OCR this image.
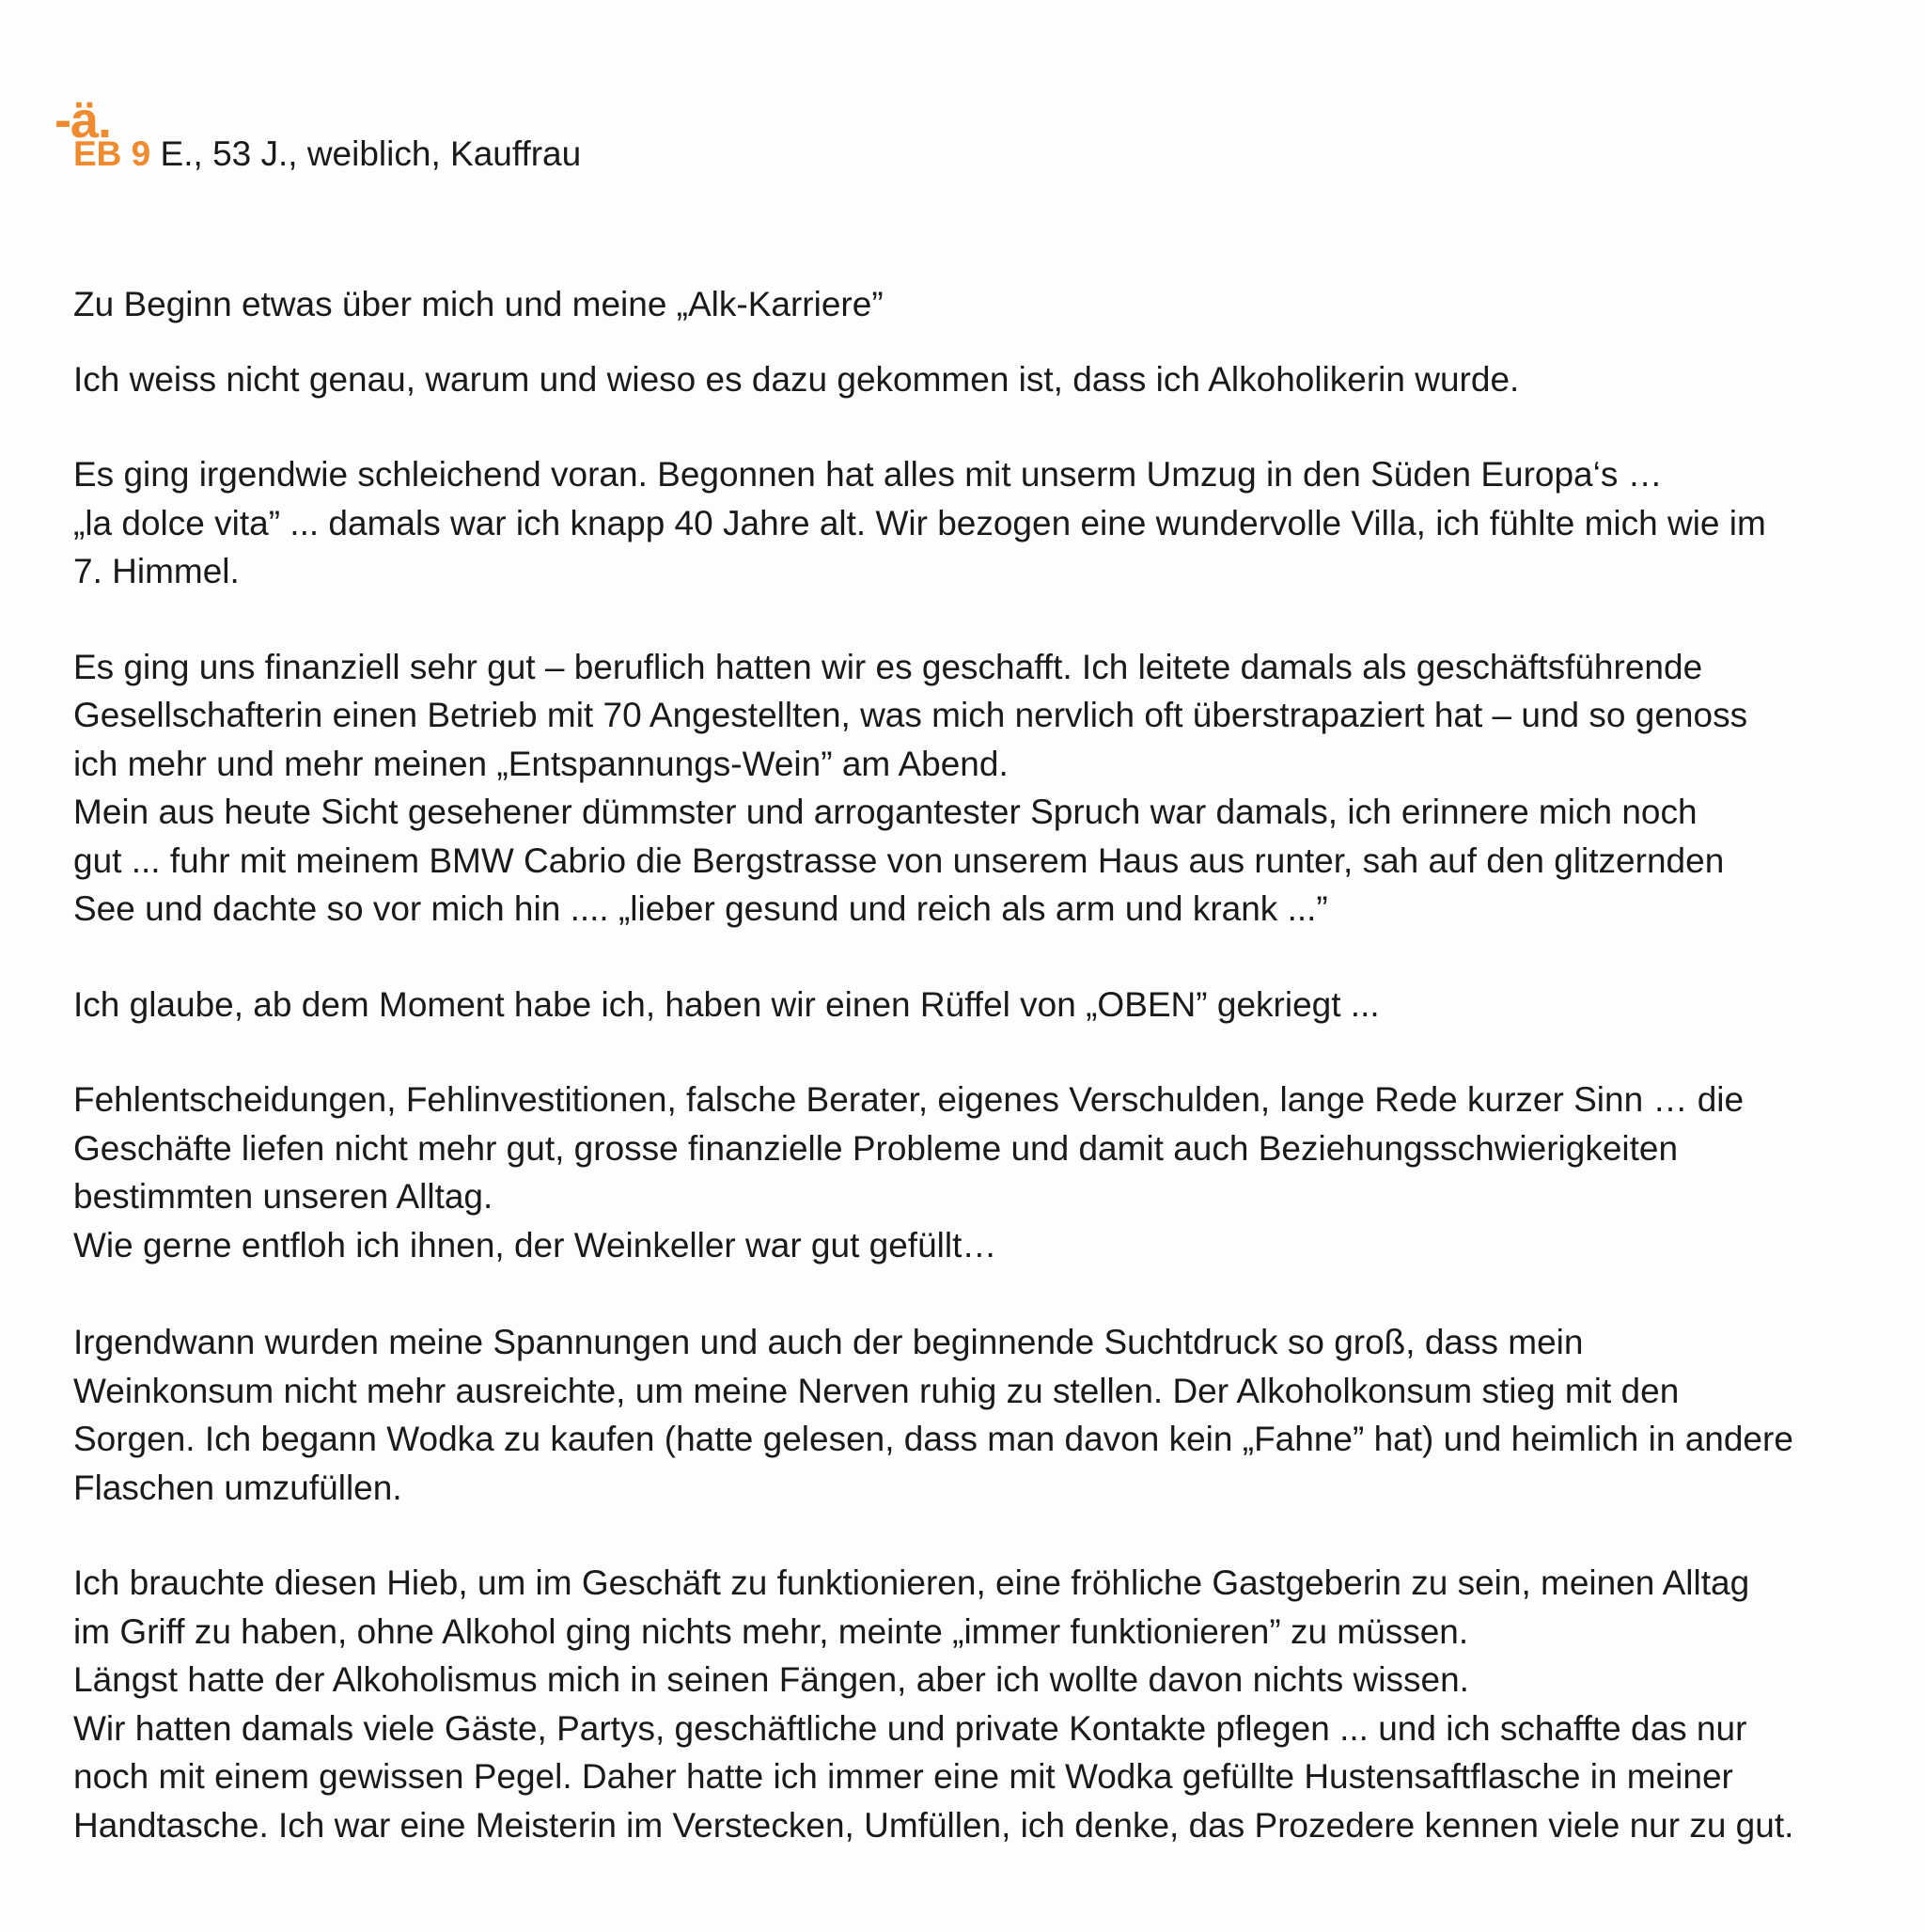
-ä.
EB 9 E., 53 J., weiblich, Kauffrau

Zu Beginn etwas über mich und meine „Alk-Karriere”

Ich weiss nicht genau, warum und wieso es dazu gekommen ist, dass ich Alkoholikerin wurde.

Es ging irgendwie schleichend voran. Begonnen hat alles mit unserm Umzug in den Süden Europa‘s …

„la dolce vita” ... damals war ich knapp 40 Jahre alt. Wir bezogen eine wundervolle Villa, ich fühlte mich wie im

7. Himmel.

Es ging uns finanziell sehr gut – beruflich hatten wir es geschafft. Ich leitete damals als geschäftsführende

Gesellschafterin einen Betrieb mit 70 Angestellten, was mich nervlich oft überstrapaziert hat – und so genoss

ich mehr und mehr meinen „Entspannungs-Wein” am Abend.

Mein aus heute Sicht gesehener dümmster und arrogantester Spruch war damals, ich erinnere mich noch

gut ... fuhr mit meinem BMW Cabrio die Bergstrasse von unserem Haus aus runter, sah auf den glitzernden

See und dachte so vor mich hin .... „lieber gesund und reich als arm und krank ...”

Ich glaube, ab dem Moment habe ich, haben wir einen Rüffel von „OBEN” gekriegt ...

Fehlentscheidungen, Fehlinvestitionen, falsche Berater, eigenes Verschulden, lange Rede kurzer Sinn … die

Geschäfte liefen nicht mehr gut, grosse finanzielle Probleme und damit auch Beziehungsschwierigkeiten

bestimmten unseren Alltag.

Wie gerne entfloh ich ihnen, der Weinkeller war gut gefüllt…

Irgendwann wurden meine Spannungen und auch der beginnende Suchtdruck so groß, dass mein

Weinkonsum nicht mehr ausreichte, um meine Nerven ruhig zu stellen. Der Alkoholkonsum stieg mit den

Sorgen. Ich begann Wodka zu kaufen (hatte gelesen, dass man davon kein „Fahne” hat) und heimlich in andere

Flaschen umzufüllen.

Ich brauchte diesen Hieb, um im Geschäft zu funktionieren, eine fröhliche Gastgeberin zu sein, meinen Alltag

im Griff zu haben, ohne Alkohol ging nichts mehr, meinte „immer funktionieren” zu müssen.

Längst hatte der Alkoholismus mich in seinen Fängen, aber ich wollte davon nichts wissen.

Wir hatten damals viele Gäste, Partys, geschäftliche und private Kontakte pflegen ... und ich schaffte das nur

noch mit einem gewissen Pegel. Daher hatte ich immer eine mit Wodka gefüllte Hustensaftflasche in meiner

Handtasche. Ich war eine Meisterin im Verstecken, Umfüllen, ich denke, das Prozedere kennen viele nur zu gut.
